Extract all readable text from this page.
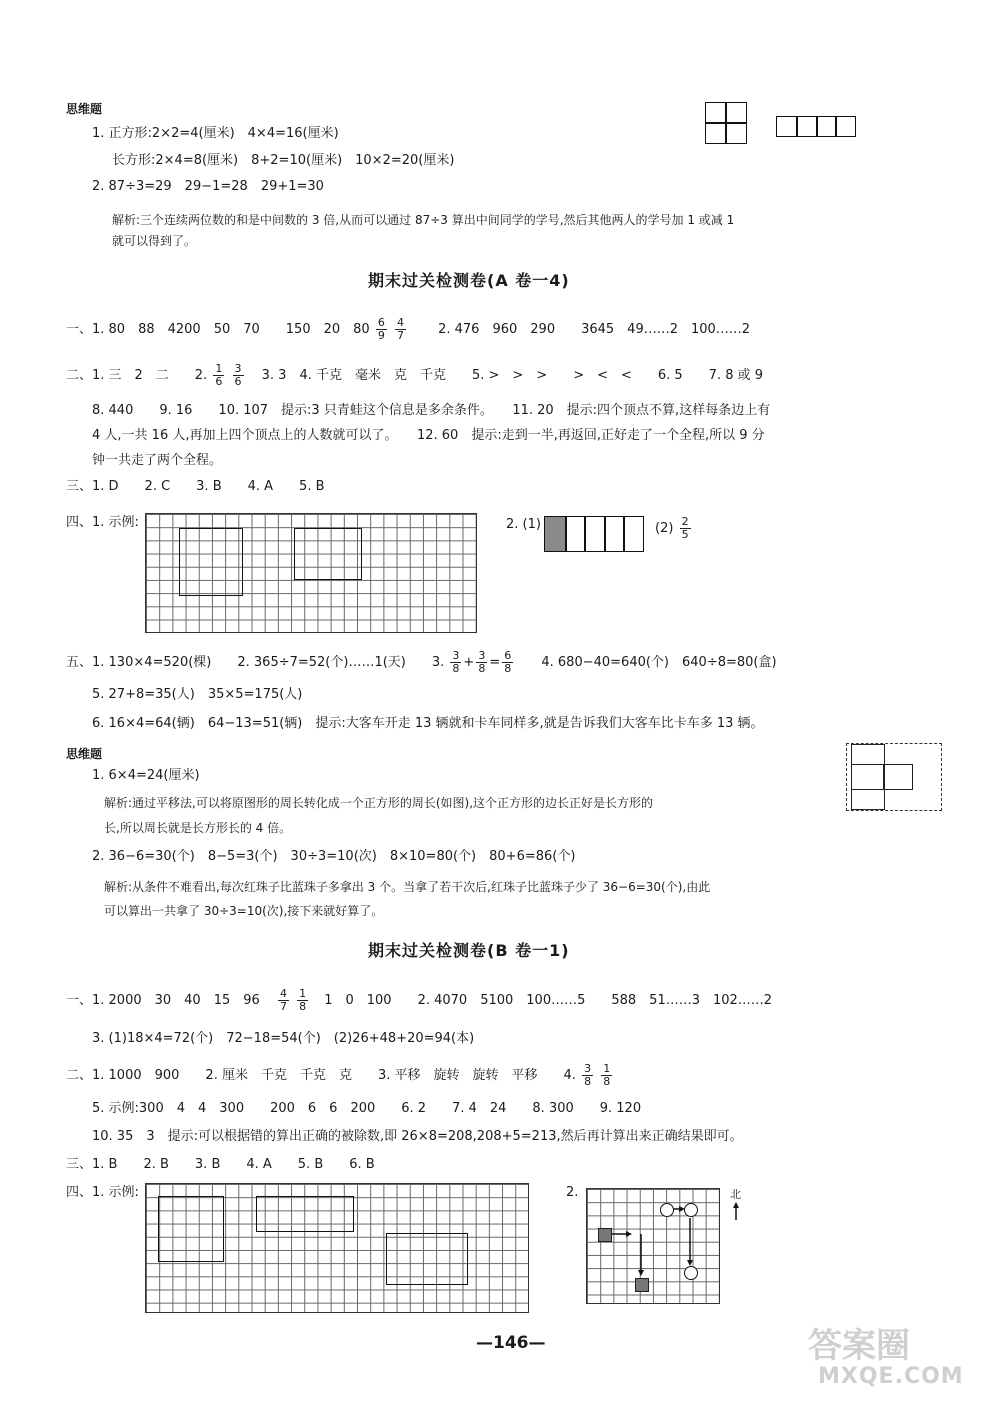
思维题
1. 正方形:2×2=4(厘米)　4×4=16(厘米)
长方形:2×4=8(厘米)　8+2=10(厘米)　10×2=20(厘米)
2. 87÷3=29　29−1=28　29+1=30
解析:三个连续两位数的和是中间数的 3 倍,从而可以通过 87÷3 算出中间同学的学号,然后其他两人的学号加 1 或减 1
就可以得到了。
期末过关检测卷(A 卷一4)
一、1. 80　88　4200　50　70　　150　20　$80 \frac{6}{9}$
$\frac{4}{7} 2$. 476　960　290　　3645　49……2　100……2
二、1. 三　2　二　　2. $\frac{1}{6}$
$\frac{3}{6} 3$. 3　4. 千克　毫米　克　千克　　5. >　>　>　　>　<　<　　6. 5　　7. 8 或 9
8. 440　　9. 16　　10. 107　提示:3 只青蛙这个信息是多余条件。　　11. 20　提示:四个顶点不算,这样每条边上有
4 人,一共 16 人,再加上四个顶点上的人数就可以了。　　12. 60　提示:走到一半,再返回,正好走了一个全程,所以 9 分
钟一共走了两个全程。
三、1. D　　2. C　　3. B　　4. A　　5. B
四、1. 示例:	2. (1)	$(2) \frac{2}{5}$
五、1. 130×4=520(棵)　　2. 365÷7=52(个)……1(天)　　3. $\frac{3}{8} + \frac{3}{8} = \frac{6}{8} 4$. 680−40=640(个)　640÷8=80(盒)
5. 27+8=35(人)　35×5=175(人)
6. 16×4=64(辆)　64−13=51(辆)　提示:大客车开走 13 辆就和卡车同样多,就是告诉我们大客车比卡车多 13 辆。
思维题
1. 6×4=24(厘米)
解析:通过平移法,可以将原图形的周长转化成一个正方形的周长(如图),这个正方形的边长正好是长方形的
长,所以周长就是长方形长的 4 倍。
2. 36−6=30(个)　8−5=3(个)　30÷3=10(次)　8×10=80(个)　80+6=86(个)
解析:从条件不难看出,每次红珠子比蓝珠子多拿出 3 个。当拿了若干次后,红珠子比蓝珠子少了 36−6=30(个),由此
可以算出一共拿了 30÷3=10(次),接下来就好算了。
期末过关检测卷(B 卷一1)
一、1. 2000　30　40　15　$96 \frac{4}{7}$
$\frac{1}{8} 1$　0　100　　2. 4070　5100　100……5　　588　51……3　102……2
3. (1)18×4=72(个)　72−18=54(个)　(2)26+48+20=94(本)
二、1. 1000　900　　2. 厘米　千克　千克　克　　3. 平移　旋转　旋转　平移　　4. $\frac{3}{8}$
$\frac{1}{8}$
5. 示例:300　4　4　300　　200　6　6　200　　6. 2　　7. 4　24　　8. 300　　9. 120
10. 35　3　提示:可以根据错的算出正确的被除数,即 26×8=208,208+5=213,然后再计算出来正确结果即可。
三、1. B　　2. B　　3. B　　4. A　　5. B　　6. B
四、1. 示例:	2.	北
—146—	答案圈
MXQE.COM
